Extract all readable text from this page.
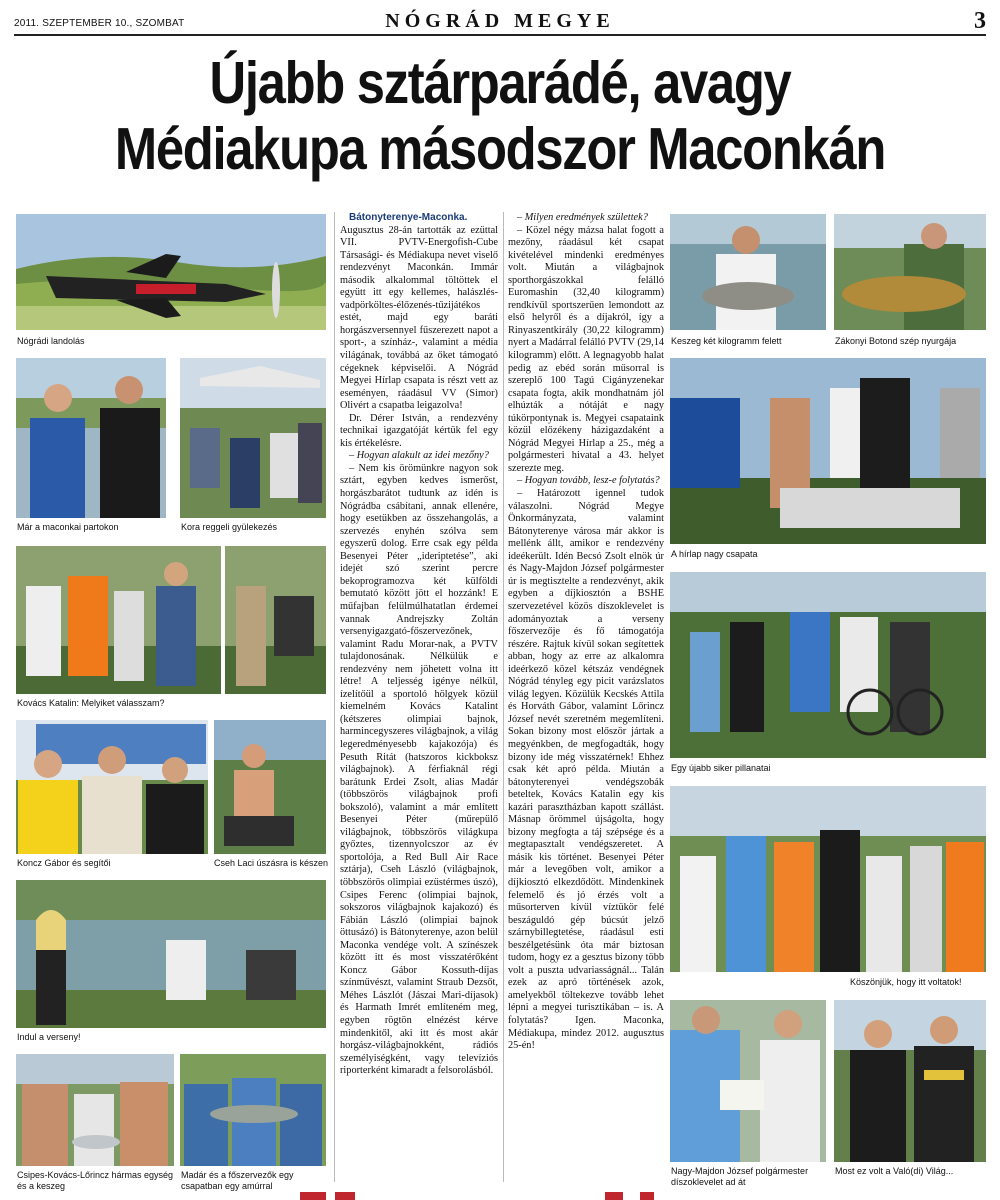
2011. SZEPTEMBER 10., SZOMBAT	NÓGRÁD MEGYE	3
Újabb sztárparádé, avagy
Médiakupa másodszor Maconkán
Nógrádi landolás
Már a maconkai partokon	Kora reggeli gyülekezés
Kovács Katalin: Melyiket válasszam?
Koncz Gábor és segítői	Cseh Laci úszásra is készen
Indul a verseny!
Csipes-Kovács-Lőrincz hármas egység
és a keszeg
Madár és a főszervezők egy
csapatban egy amúrral

Bátonyterenye-Maconka. Augusztus 28-án tartották az ezüttal VII. PVTV-Energofish-Cube Társasági- és Médiakupa nevet viselő rendezvényt Maconkán. Immár második alkalommal töltöttek el együtt itt egy kellemes, halászlés-vadpörköltes-élőzenés-tűzijátékos estét, majd egy baráti horgászversennyel fűszerezett napot a sport-, a színház-, valamint a média világának, továbbá az őket támogató cégeknek képviselői. A Nógrád Megyei Hírlap csapata is részt vett az eseményen, ráadásul VV (Simor) Olivért a csapatba leigazolva!

Dr. Dérer István, a rendezvény technikai igazgatóját kértük fel egy kis értékelésre.

– Hogyan alakult az idei mezőny?

– Nem kis örömünkre nagyon sok sztárt, egyben kedves ismerőst, horgászbarátot tudtunk az idén is Nógrádba csábítani, annak ellenére, hogy esetükben az összehangolás, a szervezés enyhén szólva sem egyszerű dolog. Erre csak egy példa Besenyei Péter „ideriptetése”, aki idejét szó szerint percre bekoprogramozva két külföldi bemutató között jött el hozzánk! E műfajban felülmúlhatatlan érdemei vannak Andrejszky Zoltán versenyigazgató-főszervezőnek, valamint Radu Morar-nak, a PVTV tulajdonosának. Nélkülük e rendezvény nem jöhetett volna itt létre! A teljesség igénye nélkül, ízelítőül a sportoló hölgyek közül kiemelném Kovács Katalint (kétszeres olimpiai bajnok, harmincegyszeres világbajnok, a világ legeredményesebb kajakozója) és Pesuth Ritát (hatszoros kickboksz világbajnok). A férfiaknál régi barátunk Erdei Zsolt, alias Madár (többszörös világbajnok profi bokszoló), valamint a már említett Besenyei Péter (műrepülő világbajnok, többszörös világkupa győztes, tizennyolcszor az év sportolója, a Red Bull Air Race sztárja), Cseh László (világbajnok, többszörös olimpiai ezüstérmes úszó), Csipes Ferenc (olimpiai bajnok, sokszoros világbajnok kajakozó) és Fábián László (olimpiai bajnok öttusázó) is Bátonyterenye, azon belül Maconka vendége volt. A színészek között itt és most visszatérőként Koncz Gábor Kossuth-díjas színművészt, valamint Straub Dezsőt, Méhes Lászlót (Jászai Mari-díjasok) és Harmath Imrét említeném meg, egyben rögtön elnézést kérve mindenkitől, aki itt és most akár horgász-világbajnokként, rádiós személyiségként, vagy televíziós riporterként kimaradt a felsorolásból.

– Milyen eredmények születtek?

– Közel négy mázsa halat fogott a mezőny, ráadásul két csapat kivételével mindenki eredményes volt. Miután a világbajnok sporthorgászokkal felálló Euromashin (32,40 kilogramm) rendkívül sportszerűen lemondott az első helyről és a díjakról, így a Rinyaszentkirály (30,22 kilogramm) nyert a Madárral felálló PVTV (29,14 kilogramm) előtt. A legnagyobb halat pedig az ebéd során műsorral is szereplő 100 Tagú Cigányzenekar csapata fogta, akik mondhatnám jól elhúzták a nótáját e nagy túkörpontynak is. Megyei csapataink közül előzékeny házigazdaként a Nógrád Megyei Hírlap a 25., még a polgármesteri hivatal a 43. helyet szerezte meg.

– Hogyan tovább, lesz-e folytatás?

– Határozott igennel tudok válaszolni. Nógrád Megye Önkormányzata, valamint Bátonyterenye városa már akkor is mellénk állt, amikor e rendezvény ideékerült. Idén Becsó Zsolt elnök úr és Nagy-Majdon József polgármester úr is megtisztelte a rendezvényt, akik egyben a díjkiosztón a BSHE szervezetével közös díszoklevelet is adományoztak a verseny főszervezője és fő támogatója részére. Rajtuk kívül sokan segítettek abban, hogy az erre az alkalomra ideérkező közel kétszáz vendégnek Nógrád tényleg egy picit varázslatos világ legyen. Közülük Kecskés Attila és Horváth Gábor, valamint Lőrincz József nevét szeretném megemlíteni. Sokan bizony most először jártak a megyénkben, de megfogadták, hogy bizony ide még visszatérnek! Ehhez csak két apró példa. Miután a bátonyterenyei vendégszobák beteltek, Kovács Katalin egy kis kazári parasztházban kapott szállást. Másnap örömmel újságolta, hogy bizony megfogta a táj szépsége és a megtapasztalt vendégszeretet. A másik kis történet. Besenyei Péter már a levegőben volt, amikor a díjkiosztó elkezdődött. Mindenkinek felemelő és jó érzés volt a műsorterven kívül víztükör felé beszáguldó gép búcsút jelző szárnybillegtetése, ráadásul esti beszélgetésünk óta már biztosan tudom, hogy ez a gesztus bizony több volt a puszta udvariasságnál... Talán ezek az apró történések azok, amelyekből töltekezve tovább lehet lépni a megyei turisztikában – is. A folytatás? Igen. Maconka, Médiakupa, mindez 2012. augusztus 25-én!

Keszeg két kilogramm felett	Zákonyi Botond szép nyurgája
A hírlap nagy csapata
Egy újabb siker pillanatai
Köszönjük, hogy itt voltatok!
Nagy-Majdon József polgármester
díszoklevelet ad át
Most ez volt a Való(di) Világ...
